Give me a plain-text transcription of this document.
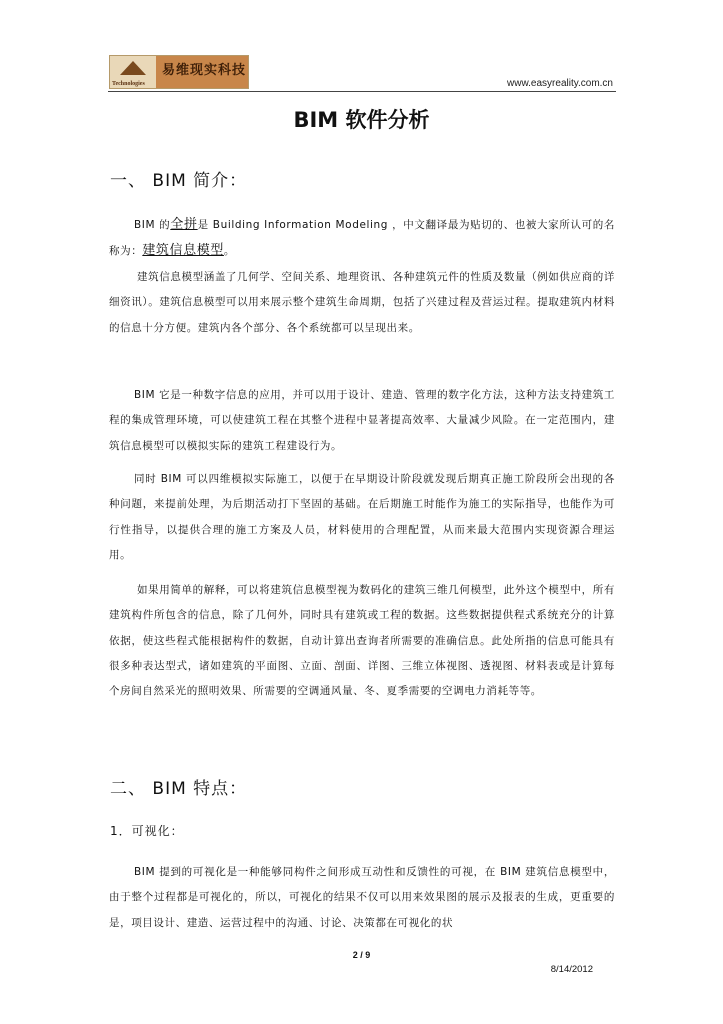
Technologies
易维现实科技
www.easyreality.com.cn
BIM 软件分析
一、 BIM 简介：

BIM 的全拼是 Building Information Modeling ，中文翻译最为贴切的、也被大家所认可的名称为：建筑信息模型。

建筑信息模型涵盖了几何学、空间关系、地理资讯、各种建筑元件的性质及数量（例如供应商的详细资讯）。建筑信息模型可以用来展示整个建筑生命周期，包括了兴建过程及营运过程。提取建筑内材料的信息十分方便。建筑内各个部分、各个系统都可以呈现出来。

BIM 它是一种数字信息的应用，并可以用于设计、建造、管理的数字化方法，这种方法支持建筑工程的集成管理环境，可以使建筑工程在其整个进程中显著提高效率、大量减少风险。在一定范围内，建筑信息模型可以模拟实际的建筑工程建设行为。

同时 BIM 可以四维模拟实际施工，以便于在早期设计阶段就发现后期真正施工阶段所会出现的各种问题，来提前处理，为后期活动打下坚固的基础。在后期施工时能作为施工的实际指导，也能作为可行性指导，以提供合理的施工方案及人员，材料使用的合理配置，从而来最大范围内实现资源合理运用。

如果用简单的解释，可以将建筑信息模型视为数码化的建筑三维几何模型，此外这个模型中，所有建筑构件所包含的信息，除了几何外，同时具有建筑或工程的数据。这些数据提供程式系统充分的计算依据，使这些程式能根据构件的数据，自动计算出查询者所需要的准确信息。此处所指的信息可能具有很多种表达型式，诸如建筑的平面图、立面、剖面、详图、三维立体视图、透视图、材料表或是计算每个房间自然采光的照明效果、所需要的空调通风量、冬、夏季需要的空调电力消耗等等。

二、 BIM 特点：
1．可视化：

BIM 提到的可视化是一种能够同构件之间形成互动性和反馈性的可视，在 BIM 建筑信息模型中，由于整个过程都是可视化的，所以，可视化的结果不仅可以用来效果图的展示及报表的生成，更重要的是，项目设计、建造、运营过程中的沟通、讨论、决策都在可视化的状

2 / 9
8/14/2012
